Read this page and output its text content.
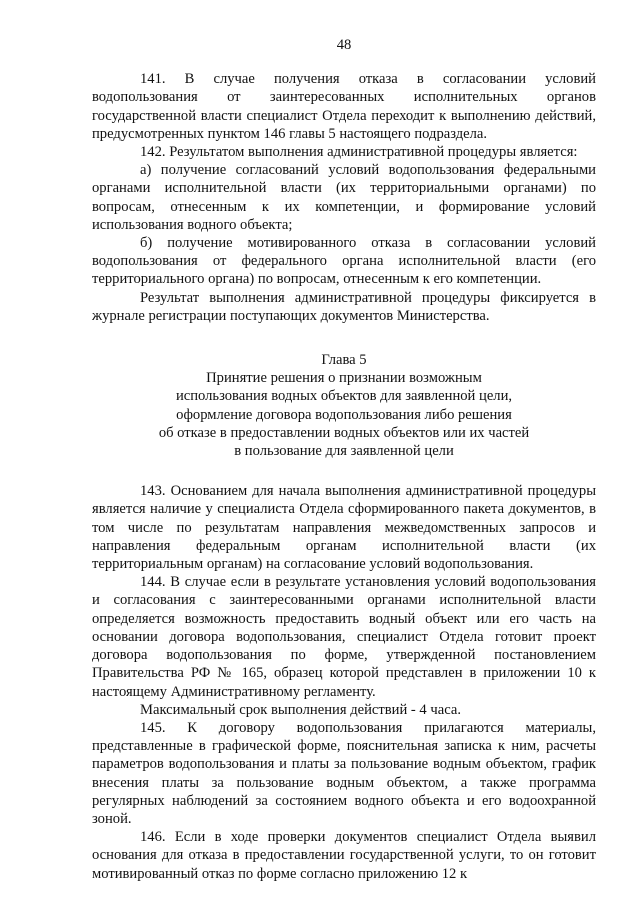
48

141. В случае получения отказа в согласовании условий водопользования от заинтересованных исполнительных органов государственной власти специалист Отдела переходит к выполнению действий, предусмотренных пунктом 146 главы 5 настоящего подраздела.

142. Результатом выполнения административной процедуры является:

а) получение согласований условий водопользования федеральными органами исполнительной власти (их территориальными органами) по вопросам, отнесенным к их компетенции, и формирование условий использования водного объекта;

б) получение мотивированного отказа в согласовании условий водопользования от федерального органа исполнительной власти (его территориального органа) по вопросам, отнесенным к его компетенции.

Результат выполнения административной процедуры фиксируется в журнале регистрации поступающих документов Министерства.

Глава 5
Принятие решения о признании возможным
использования водных объектов для заявленной цели,
оформление договора водопользования либо решения
об отказе в предоставлении водных объектов или их частей
в пользование для заявленной цели

143. Основанием для начала выполнения административной процедуры является наличие у специалиста Отдела сформированного пакета документов, в том числе по результатам направления межведомственных запросов и направления федеральным органам исполнительной власти (их территориальным органам) на согласование условий водопользования.

144. В случае если в результате установления условий водопользования и согласования с заинтересованными органами исполнительной власти определяется возможность предоставить водный объект или его часть на основании договора водопользования, специалист Отдела готовит проект договора водопользования по форме, утвержденной постановлением Правительства РФ № 165, образец которой представлен в приложении 10 к настоящему Административному регламенту.

Максимальный срок выполнения действий - 4 часа.

145. К договору водопользования прилагаются материалы, представленные в графической форме, пояснительная записка к ним, расчеты параметров водопользования и платы за пользование водным объектом, график внесения платы за пользование водным объектом, а также программа регулярных наблюдений за состоянием водного объекта и его водоохранной зоной.

146. Если в ходе проверки документов специалист Отдела выявил основания для отказа в предоставлении государственной услуги, то он готовит мотивированный отказ по форме согласно приложению 12 к
